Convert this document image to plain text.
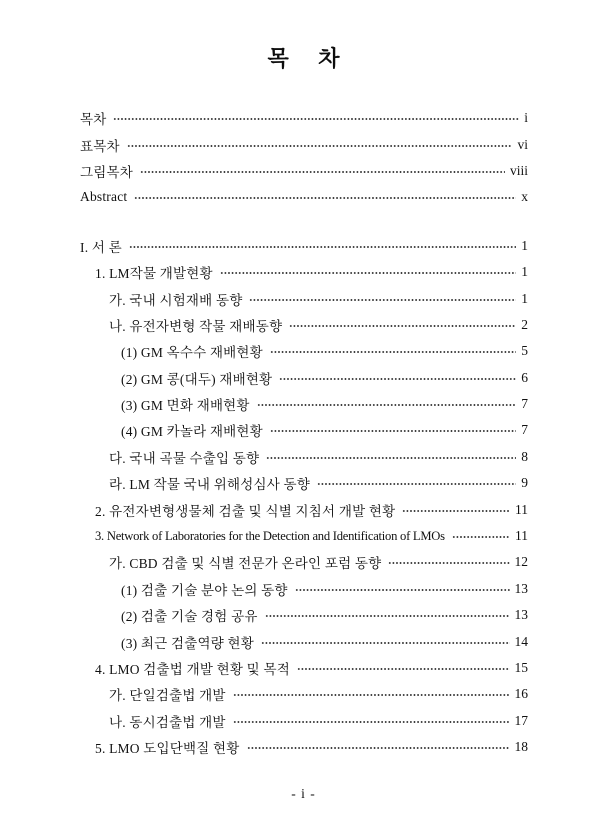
목 차
목차	i
표목차	vi
그림목차	viii
Abstract	x
I. 서 론	1
1. LM작물 개발현황	1
가. 국내 시험재배 동향	1
나. 유전자변형 작물 재배동향	2
(1) GM 옥수수 재배현황	5
(2) GM 콩(대두) 재배현황	6
(3) GM 면화 재배현황	7
(4) GM 카놀라 재배현황	7
다. 국내 곡물 수출입 동향	8
라. LM 작물 국내 위해성심사 동향	9
2. 유전자변형생물체 검출 및 식별 지침서 개발 현황	11
3. Network of Laboratories for the Detection and Identification of LMOs	11
가. CBD 검출 및 식별 전문가 온라인 포럼 동향	12
(1) 검출 기술 분야 논의 동향	13
(2) 검출 기술 경험 공유	13
(3) 최근 검출역량 현황	14
4. LMO 검출법 개발 현황 및 목적	15
가. 단일검출법 개발	16
나. 동시검출법 개발	17
5. LMO 도입단백질 현황	18
- i -
